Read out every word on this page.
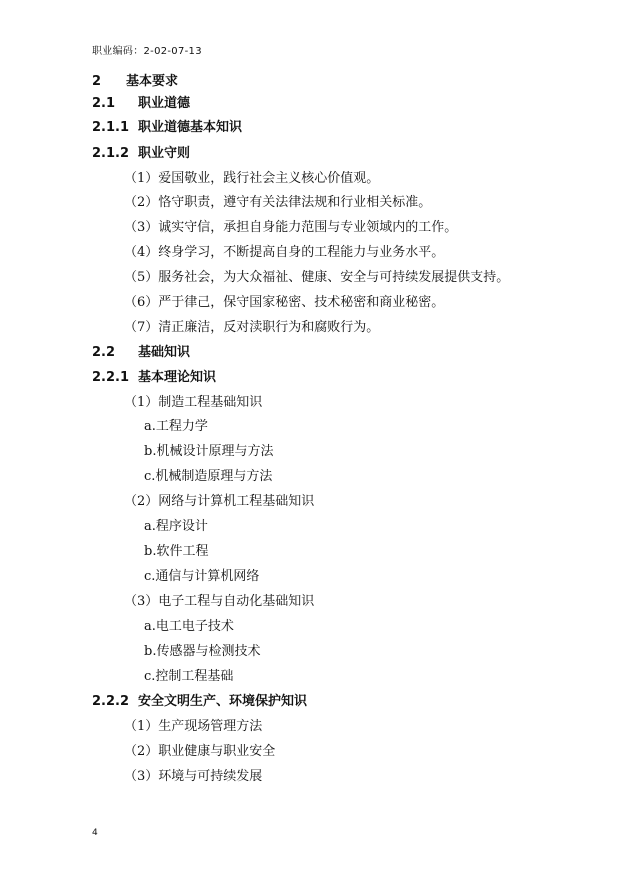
职业编码：2-02-07-13
2 基本要求
2.1 职业道德
2.1.1 职业道德基本知识
2.1.2 职业守则
（1）爱国敬业，践行社会主义核心价值观。
（2）恪守职责，遵守有关法律法规和行业相关标准。
（3）诚实守信，承担自身能力范围与专业领域内的工作。
（4）终身学习，不断提高自身的工程能力与业务水平。
（5）服务社会，为大众福祉、健康、安全与可持续发展提供支持。
（6）严于律己，保守国家秘密、技术秘密和商业秘密。
（7）清正廉洁，反对渎职行为和腐败行为。
2.2 基础知识
2.2.1 基本理论知识
（1）制造工程基础知识
a.工程力学
b.机械设计原理与方法
c.机械制造原理与方法
（2）网络与计算机工程基础知识
a.程序设计
b.软件工程
c.通信与计算机网络
（3）电子工程与自动化基础知识
a.电工电子技术
b.传感器与检测技术
c.控制工程基础
2.2.2 安全文明生产、环境保护知识
（1）生产现场管理方法
（2）职业健康与职业安全
（3）环境与可持续发展
4
